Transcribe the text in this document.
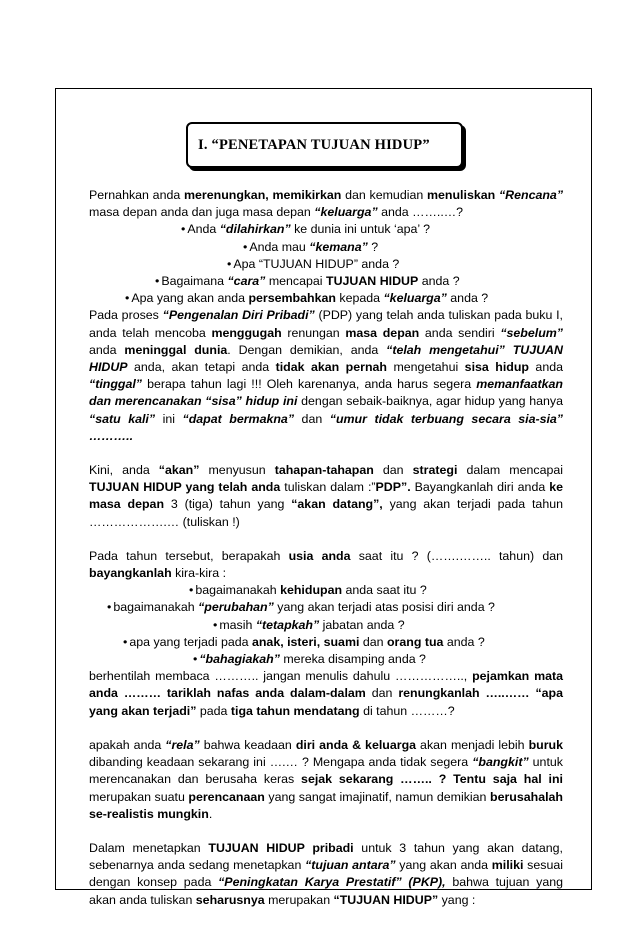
I. “PENETAPAN TUJUAN HIDUP”

Pernahkan anda merenungkan, memikirkan dan kemudian menuliskan “Rencana” masa depan anda dan juga masa depan “keluarga” anda ……..…?

• Anda “dilahirkan” ke dunia ini untuk ‘apa’ ?

• Anda mau “kemana” ?

• Apa “TUJUAN HIDUP” anda ?

• Bagaimana “cara” mencapai TUJUAN HIDUP anda ?

• Apa yang akan anda persembahkan kepada “keluarga” anda ?

Pada proses “Pengenalan Diri Pribadi” (PDP) yang telah anda tuliskan pada buku I, anda telah mencoba menggugah renungan masa depan anda sendiri “sebelum” anda meninggal dunia. Dengan demikian, anda “telah mengetahui” TUJUAN HIDUP anda, akan tetapi anda tidak akan pernah mengetahui sisa hidup anda “tinggal” berapa tahun lagi !!! Oleh karenanya, anda harus segera memanfaatkan dan merencanakan “sisa” hidup ini dengan sebaik-baiknya, agar hidup yang hanya “satu kali” ini “dapat bermakna” dan “umur tidak terbuang secara sia-sia” ………..

Kini, anda “akan” menyusun tahapan-tahapan dan strategi dalam mencapai TUJUAN HIDUP yang telah anda tuliskan dalam :”PDP”. Bayangkanlah diri anda ke masa depan 3 (tiga) tahun yang “akan datang”, yang akan terjadi pada tahun ……………….… (tuliskan !)

Pada tahun tersebut, berapakah usia anda saat itu ? (…….…….. tahun) dan bayangkanlah kira-kira :

• bagaimanakah kehidupan anda saat itu ?

• bagaimanakah “perubahan” yang akan terjadi atas posisi diri anda ?

• masih “tetapkah” jabatan anda ?

• apa yang terjadi pada anak, isteri, suami dan orang tua anda ?

• “bahagiakah” mereka disamping anda ?

berhentilah membaca ……….. jangan menulis dahulu …………….., pejamkan mata anda ……… tariklah nafas anda dalam-dalam dan renungkanlah …..…… “apa yang akan terjadi” pada tiga tahun mendatang di tahun ………?

apakah anda “rela” bahwa keadaan diri anda & keluarga akan menjadi lebih buruk dibanding keadaan sekarang ini ….… ? Mengapa anda tidak segera “bangkit” untuk merencanakan dan berusaha keras sejak sekarang …….. ? Tentu saja hal ini merupakan suatu perencanaan yang sangat imajinatif, namun demikian berusahalah se-realistis mungkin.

Dalam menetapkan TUJUAN HIDUP pribadi untuk 3 tahun yang akan datang, sebenarnya anda sedang menetapkan “tujuan antara” yang akan anda miliki sesuai dengan konsep pada “Peningkatan Karya Prestatif” (PKP), bahwa tujuan yang akan anda tuliskan seharusnya merupakan “TUJUAN HIDUP” yang :
